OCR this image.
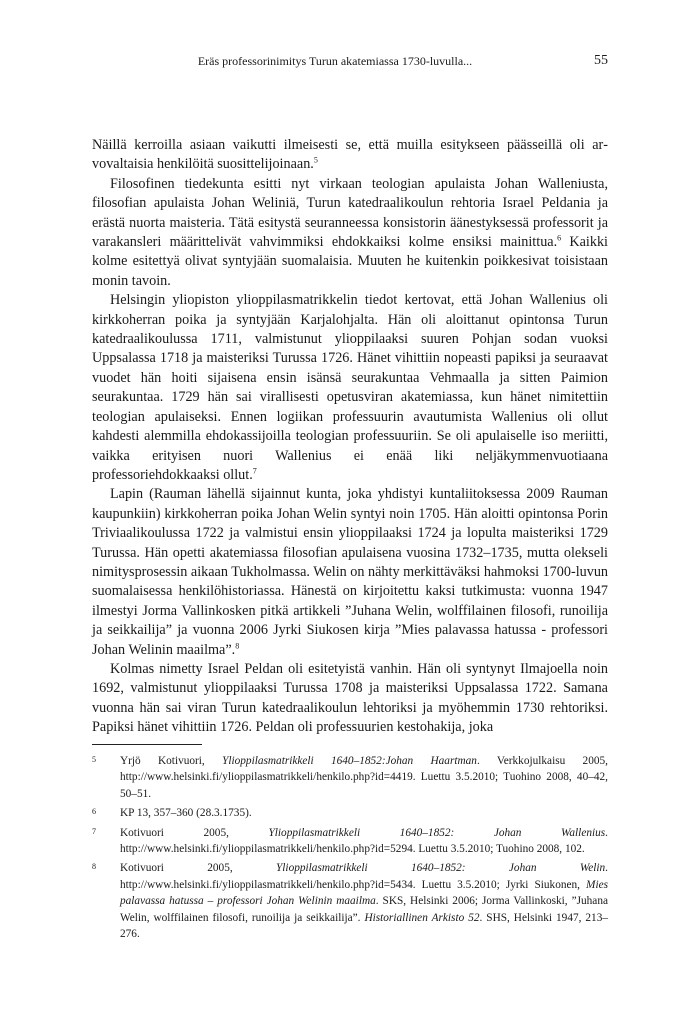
Eräs professorinimitys Turun akatemiassa 1730-luvulla...	55

Näillä kerroilla asiaan vaikutti ilmeisesti se, että muilla esitykseen päässeillä oli arvovaltaisia henkilöitä suosittelijoinaan.$^5$

Filosofinen tiedekunta esitti nyt virkaan teologian apulaista Johan Walleniusta, filosofian apulaista Johan Weliniä, Turun katedraalikoulun rehtoria Israel Peldania ja erästä nuorta maisteria. Tätä esitystä seuranneessa konsistorin äänestyksessä professorit ja varakansleri määrittelivät vahvimmiksi ehdokkaiksi kolme ensiksi mainittua.$^6$ Kaikki kolme esitettyä olivat syntyjään suomalaisia. Muuten he kuitenkin poikkesivat toisistaan monin tavoin.

Helsingin yliopiston ylioppilasmatrikkelin tiedot kertovat, että Johan Wallenius oli kirkkoherran poika ja syntyjään Karjalohjalta. Hän oli aloittanut opintonsa Turun katedraalikoulussa 1711, valmistunut ylioppilaaksi suuren Pohjan sodan vuoksi Uppsalassa 1718 ja maisteriksi Turussa 1726. Hänet vihittiin nopeasti papiksi ja seuraavat vuodet hän hoiti sijaisena ensin isänsä seurakuntaa Vehmaalla ja sitten Paimion seurakuntaa. 1729 hän sai virallisesti opetusviran akatemiassa, kun hänet nimitettiin teologian apulaiseksi. Ennen logiikan professuurin avautumista Wallenius oli ollut kahdesti alemmilla ehdokassijoilla teologian professuuriin. Se oli apulaiselle iso meriitti, vaikka erityisen nuori Wallenius ei enää liki neljäkymmenvuotiaana professoriehdokkaaksi ollut.$^7$

Lapin (Rauman lähellä sijainnut kunta, joka yhdistyi kuntaliitoksessa 2009 Rauman kaupunkiin) kirkkoherran poika Johan Welin syntyi noin 1705. Hän aloitti opintonsa Porin Triviaalikoulussa 1722 ja valmistui ensin ylioppilaaksi 1724 ja lopulta maisteriksi 1729 Turussa. Hän opetti akatemiassa filosofian apulaisena vuosina 1732–1735, mutta olekseli nimitysprosessin aikaan Tukholmassa. Welin on nähty merkittäväksi hahmoksi 1700-luvun suomalaisessa henkilöhistoriassa. Hänestä on kirjoitettu kaksi tutkimusta: vuonna 1947 ilmestyi Jorma Vallinkosken pitkä artikkeli ”Juhana Welin, wolffilainen filosofi, runoilija ja seikkailija” ja vuonna 2006 Jyrki Siukosen kirja ”Mies palavassa hatussa - professori Johan Welinin maailma”.$^8$

Kolmas nimetty Israel Peldan oli esitetyistä vanhin. Hän oli syntynyt Ilmajoella noin 1692, valmistunut ylioppilaaksi Turussa 1708 ja maisteriksi Uppsalassa 1722. Samana vuonna hän sai viran Turun katedraalikoulun lehtoriksi ja myöhemmin 1730 rehtoriksi. Papiksi hänet vihittiin 1726. Peldan oli professuurien kestohakija, joka

5	Yrjö Kotivuori, Ylioppilasmatrikkeli 1640–1852:Johan Haartman. Verkkojulkaisu 2005, http://www.helsinki.fi/ylioppilasmatrikkeli/henkilo.php?id=4419. Luettu 3.5.2010; Tuohino 2008, 40–42, 50–51.
6	KP 13, 357–360 (28.3.1735).
7	Kotivuori 2005, Ylioppilasmatrikkeli 1640–1852: Johan Wallenius. http://www.helsinki.fi/ylioppilasmatrikkeli/henkilo.php?id=5294. Luettu 3.5.2010; Tuohino 2008, 102.
8	Kotivuori 2005, Ylioppilasmatrikkeli 1640–1852: Johan Welin. http://www.helsinki.fi/ylioppilasmatrikkeli/henkilo.php?id=5434. Luettu 3.5.2010; Jyrki Siukonen, Mies palavassa hatussa – professori Johan Welinin maailma. SKS, Helsinki 2006; Jorma Vallinkoski, ”Juhana Welin, wolffilainen filosofi, runoilija ja seikkailija”. Historiallinen Arkisto 52. SHS, Helsinki 1947, 213–276.
